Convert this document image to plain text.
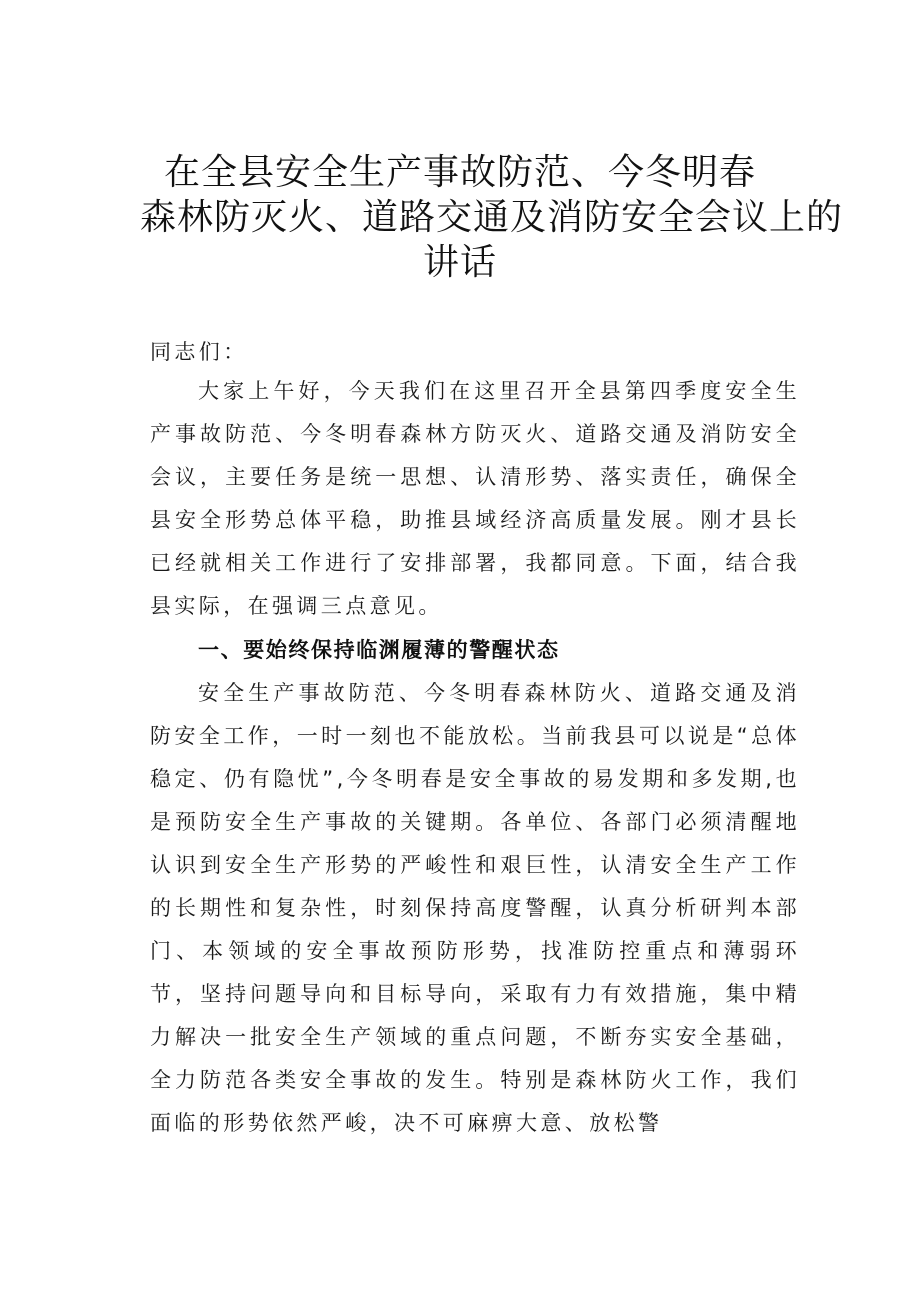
在全县安全生产事故防范、今冬明春
森林防灭火、道路交通及消防安全会议上的
讲话
同志们：

大家上午好，今天我们在这里召开全县第四季度安全生产事故防范、今冬明春森林方防灭火、道路交通及消防安全会议，主要任务是统一思想、认清形势、落实责任，确保全县安全形势总体平稳，助推县域经济高质量发展。刚才县长已经就相关工作进行了安排部署，我都同意。下面，结合我县实际，在强调三点意见。

一、要始终保持临渊履薄的警醒状态

安全生产事故防范、今冬明春森林防火、道路交通及消防安全工作，一时一刻也不能放松。当前我县可以说是“总体稳定、仍有隐忧”,今冬明春是安全事故的易发期和多发期,也是预防安全生产事故的关键期。各单位、各部门必须清醒地认识到安全生产形势的严峻性和艰巨性，认清安全生产工作的长期性和复杂性，时刻保持高度警醒，认真分析研判本部门、本领域的安全事故预防形势，找准防控重点和薄弱环节，坚持问题导向和目标导向，采取有力有效措施，集中精力解决一批安全生产领域的重点问题，不断夯实安全基础，全力防范各类安全事故的发生。特别是森林防火工作，我们面临的形势依然严峻，决不可麻痹大意、放松警
